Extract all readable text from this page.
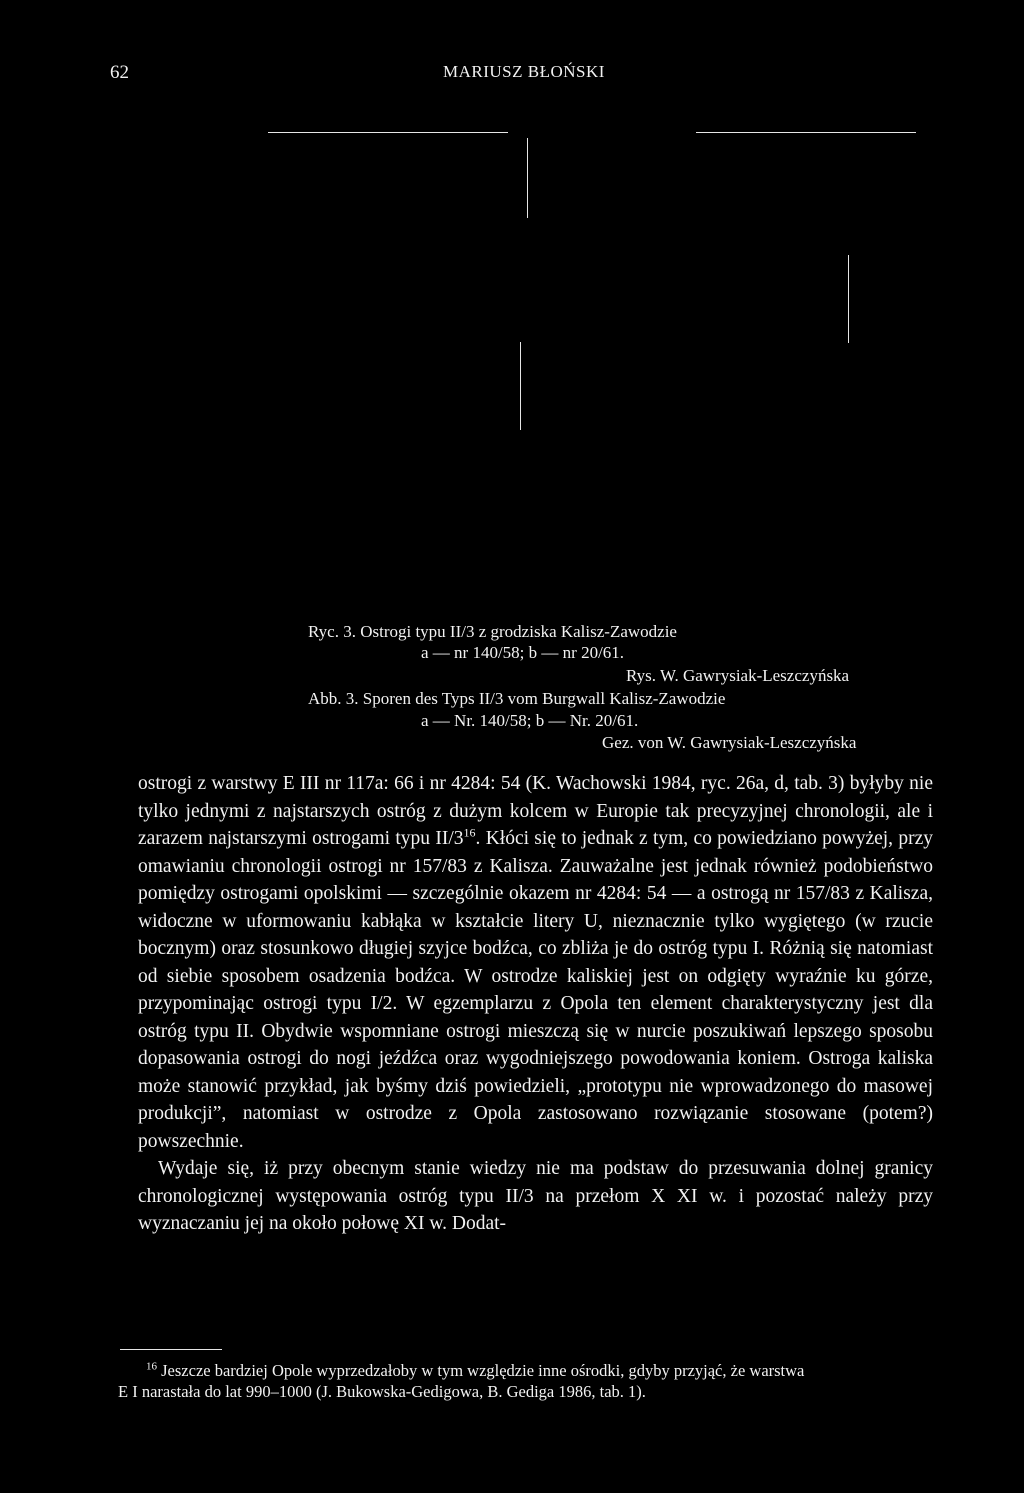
62	MARIUSZ BŁOŃSKI
Ryc. 3. Ostrogi typu II/3 z grodziska Kalisz-Zawodzie
a — nr 140/58; b — nr 20/61.
Rys. W. Gawrysiak-Leszczyńska
Abb. 3. Sporen des Typs II/3 vom Burgwall Kalisz-Zawodzie
a — Nr. 140/58; b — Nr. 20/61.
Gez. von W. Gawrysiak-Leszczyńska

ostrogi z warstwy E III nr 117a: 66 i nr 4284: 54 (K. Wachowski 1984, ryc. 26a, d, tab. 3) byłyby nie tylko jednymi z najstarszych ostróg z dużym kolcem w Europie tak precyzyjnej chronologii, ale i zarazem najstarszymi ostrogami typu $II/3^{16}$. Kłóci się to jednak z tym, co powiedziano powyżej, przy omawianiu chronologii ostrogi nr 157/83 z Kalisza. Zauważalne jest jednak również podobieństwo pomiędzy ostrogami opolskimi — szczególnie okazem nr 4284: 54 — a ostrogą nr 157/83 z Kalisza, widoczne w uformowaniu kabłąka w kształcie litery U, nieznacznie tylko wygiętego (w rzucie bocznym) oraz stosunkowo długiej szyjce bodźca, co zbliża je do ostróg typu I. Różnią się natomiast od siebie sposobem osadzenia bodźca. W ostrodze kaliskiej jest on odgięty wyraźnie ku górze, przypominając ostrogi typu I/2. W egzemplarzu z Opola ten element charakterystyczny jest dla ostróg typu II. Obydwie wspomniane ostrogi mieszczą się w nurcie poszukiwań lepszego sposobu dopasowania ostrogi do nogi jeźdźca oraz wygodniejszego powodowania koniem. Ostroga kaliska może stanowić przykład, jak byśmy dziś powiedzieli, „prototypu nie wprowadzonego do masowej produkcji”, natomiast w ostrodze z Opola zastosowano rozwiązanie stosowane (potem?) powszechnie.

Wydaje się, iż przy obecnym stanie wiedzy nie ma podstaw do przesuwania dolnej granicy chronologicznej występowania ostróg typu II/3 na przełom X XI w. i pozostać należy przy wyznaczaniu jej na około połowę XI w. Dodat-

$^{16}$ Jeszcze bardziej Opole wyprzedzałoby w tym względzie inne ośrodki, gdyby przyjąć, że warstwa
E I narastała do lat 990–1000 (J. Bukowska-Gedigowa, B. Gediga 1986, tab. 1).
